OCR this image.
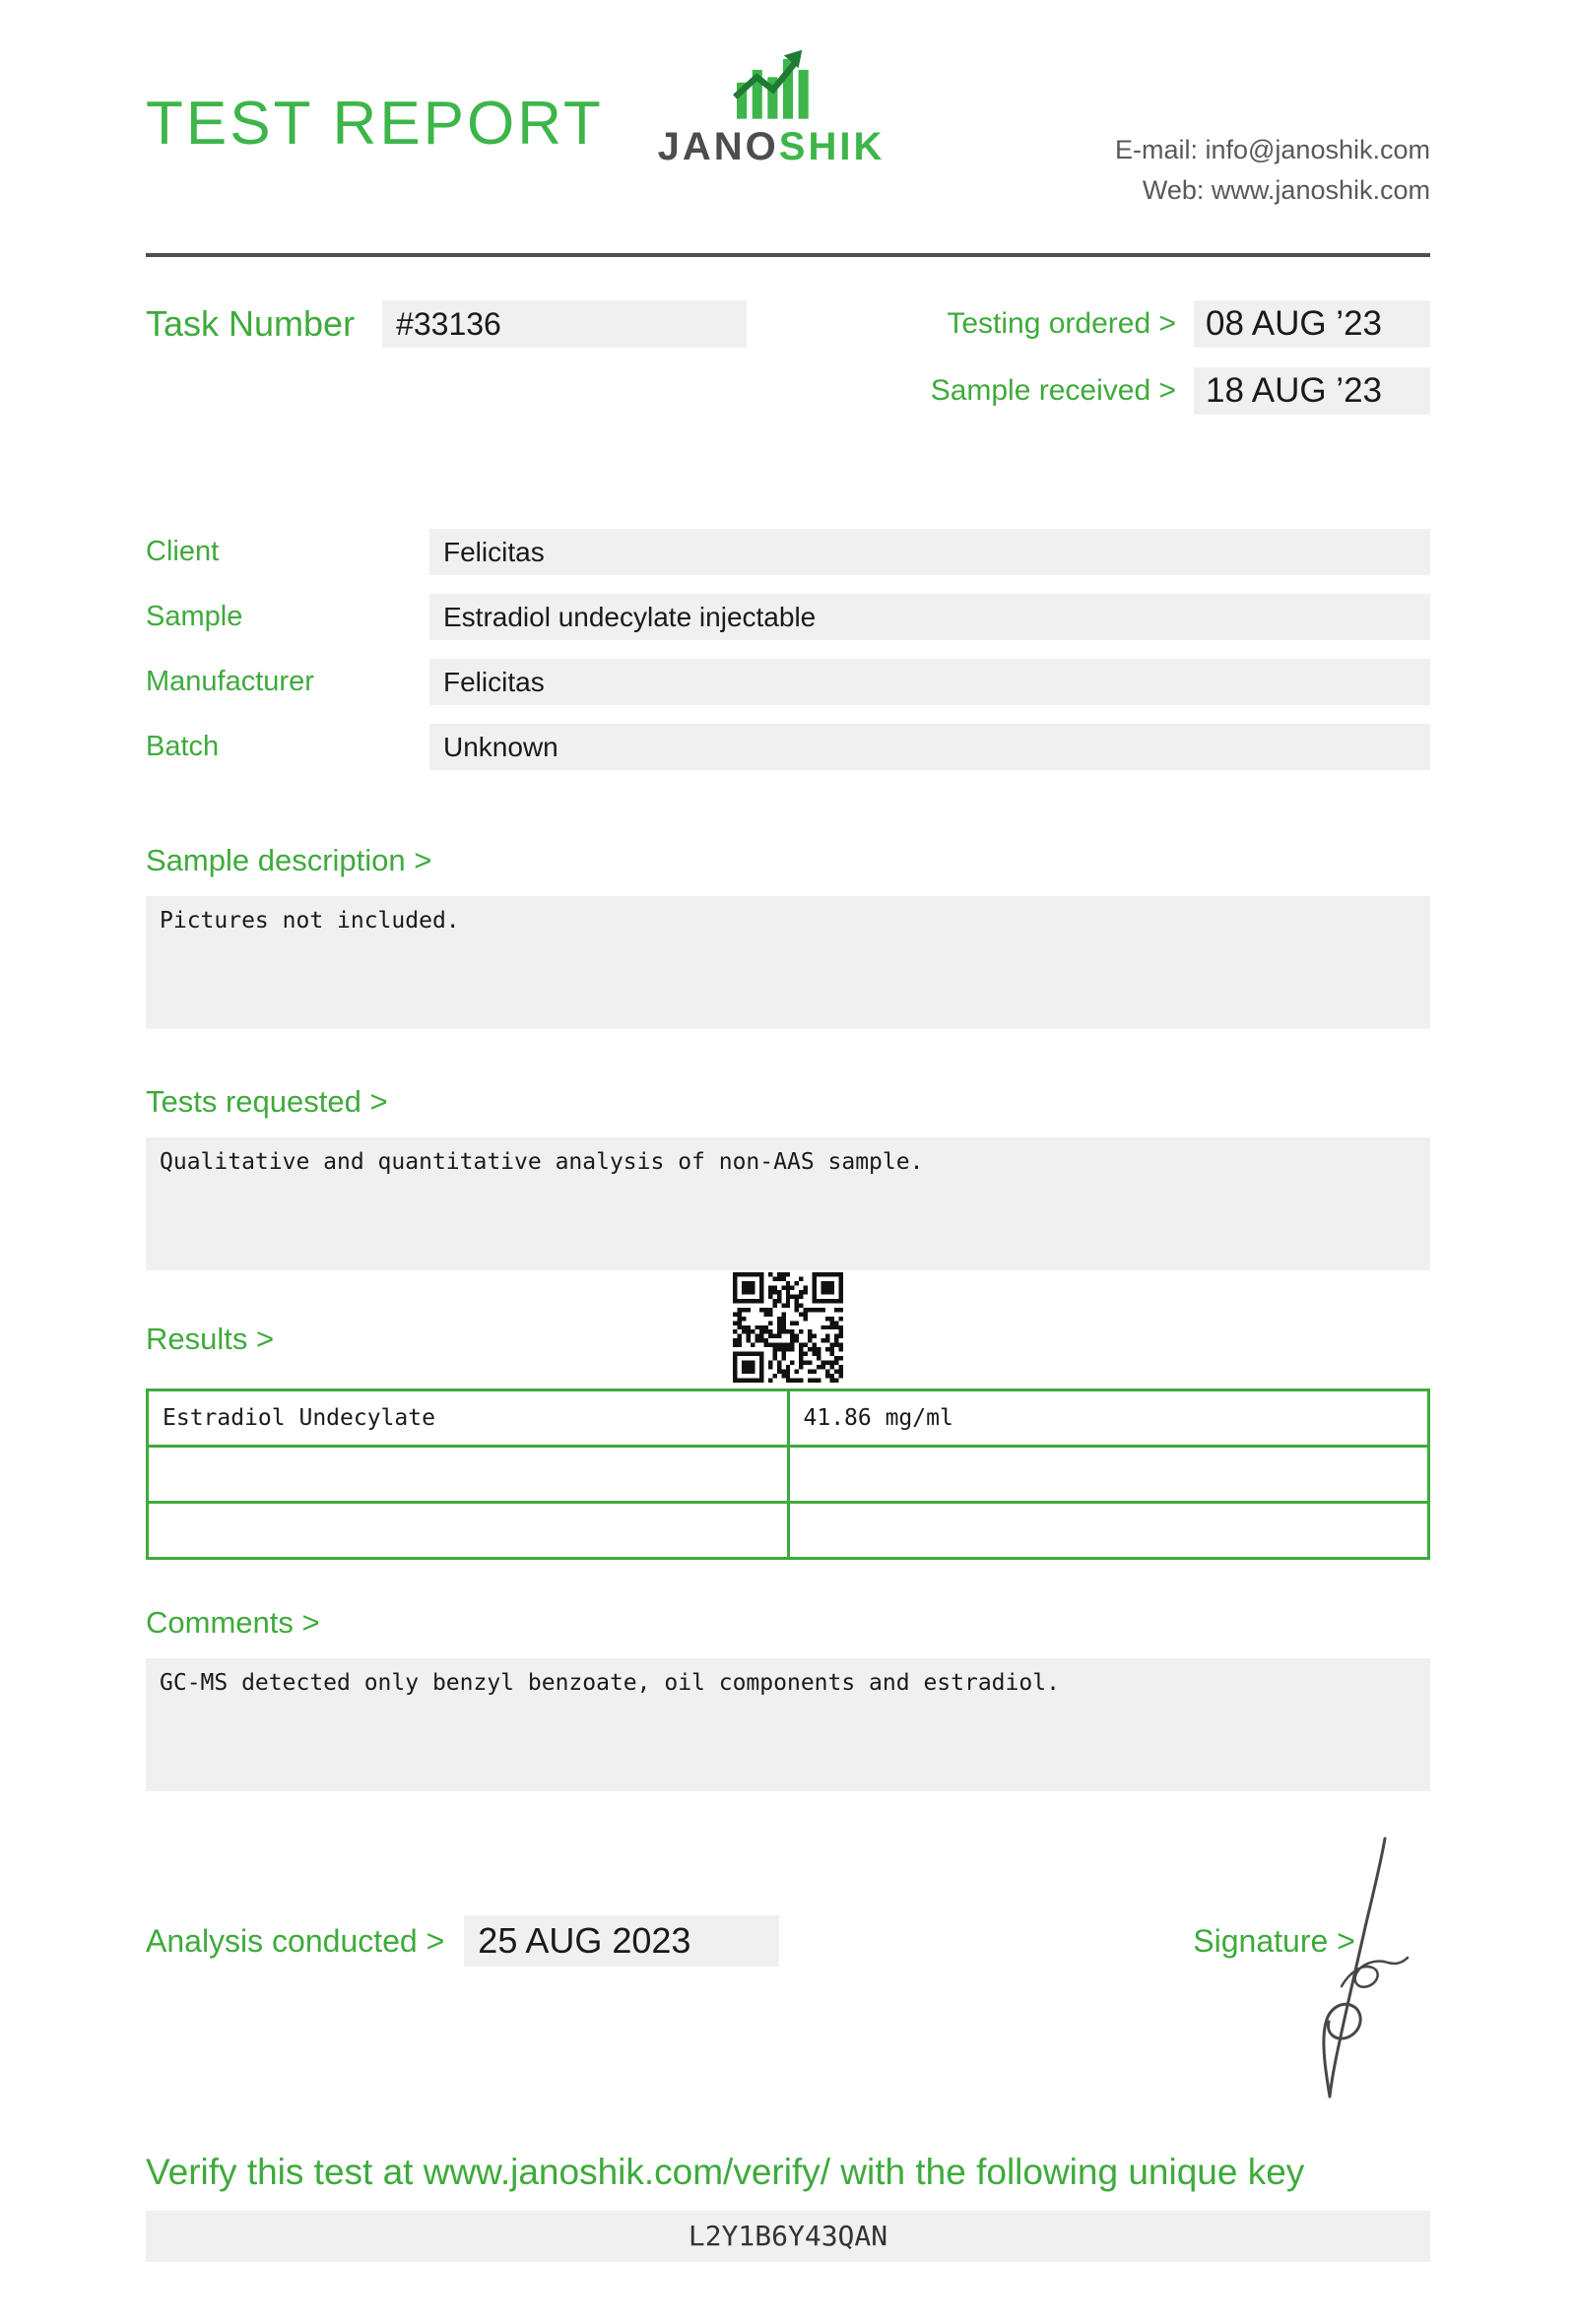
TEST REPORT	JANOSHIK	E-mail: info@janoshik.com
Web: www.janoshik.com
Task Number	#33136	Testing ordered > 08 AUG ’23
Sample received > 18 AUG ’23
Client	Felicitas
Sample	Estradiol undecylate injectable
Manufacturer	Felicitas
Batch	Unknown
Sample description >
Pictures not included.
Tests requested >
Qualitative and quantitative analysis of non-AAS sample.
Results >
Estradiol Undecylate	41.86 mg/ml

Comments >
GC-MS detected only benzyl benzoate, oil components and estradiol.
Analysis conducted > 25 AUG 2023	Signature >
Verify this test at www.janoshik.com/verify/ with the following unique key
L2Y1B6Y43QAN
